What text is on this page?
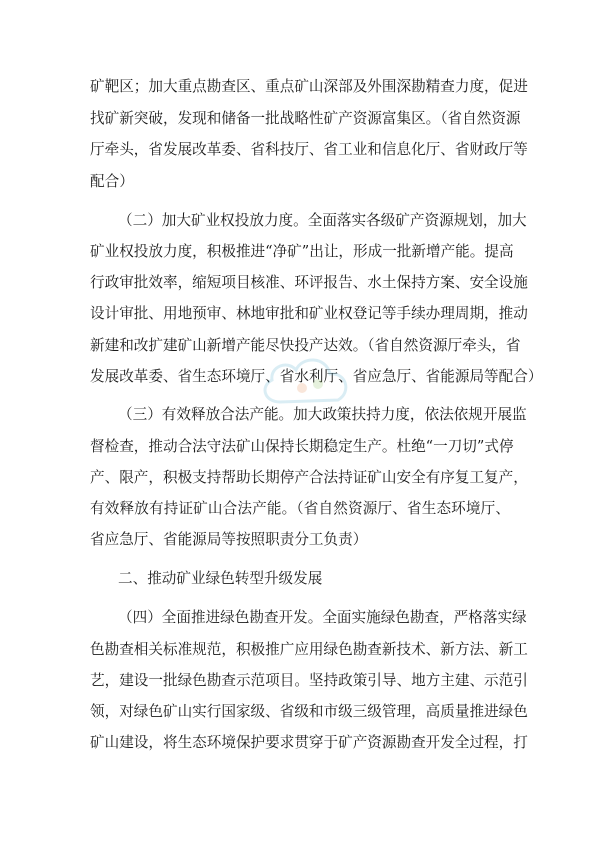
矿靶区；加大重点勘查区、重点矿山深部及外围深勘精查力度，促进
找矿新突破，发现和储备一批战略性矿产资源富集区。（省自然资源
厅牵头，省发展改革委、省科技厅、省工业和信息化厅、省财政厅等
配合）
（二）加大矿业权投放力度。全面落实各级矿产资源规划，加大
矿业权投放力度，积极推进“净矿”出让，形成一批新增产能。提高
行政审批效率，缩短项目核准、环评报告、水土保持方案、安全设施
设计审批、用地预审、林地审批和矿业权登记等手续办理周期，推动
新建和改扩建矿山新增产能尽快投产达效。（省自然资源厅牵头，省
发展改革委、省生态环境厅、省水利厅、省应急厅、省能源局等配合）
（三）有效释放合法产能。加大政策扶持力度，依法依规开展监
督检查，推动合法守法矿山保持长期稳定生产。杜绝“一刀切”式停
产、限产，积极支持帮助长期停产合法持证矿山安全有序复工复产，
有效释放有持证矿山合法产能。（省自然资源厅、省生态环境厅、
省应急厅、省能源局等按照职责分工负责）
二、推动矿业绿色转型升级发展
（四）全面推进绿色勘查开发。全面实施绿色勘查，严格落实绿
色勘查相关标准规范，积极推广应用绿色勘查新技术、新方法、新工
艺，建设一批绿色勘查示范项目。坚持政策引导、地方主建、示范引
领，对绿色矿山实行国家级、省级和市级三级管理，高质量推进绿色
矿山建设，将生态环境保护要求贯穿于矿产资源勘查开发全过程，打
